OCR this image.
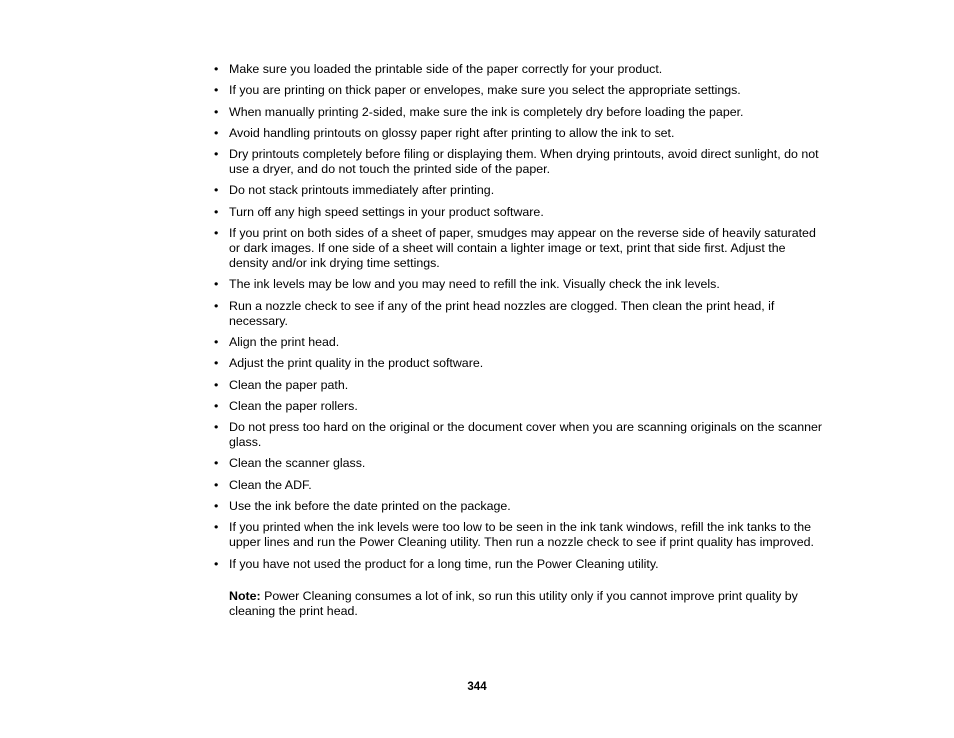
• Make sure you loaded the printable side of the paper correctly for your product.
• If you are printing on thick paper or envelopes, make sure you select the appropriate settings.
• When manually printing 2-sided, make sure the ink is completely dry before loading the paper.
• Avoid handling printouts on glossy paper right after printing to allow the ink to set.
• Dry printouts completely before filing or displaying them. When drying printouts, avoid direct sunlight, do not use a dryer, and do not touch the printed side of the paper.
• Do not stack printouts immediately after printing.
• Turn off any high speed settings in your product software.
• If you print on both sides of a sheet of paper, smudges may appear on the reverse side of heavily saturated or dark images. If one side of a sheet will contain a lighter image or text, print that side first. Adjust the density and/or ink drying time settings.
• The ink levels may be low and you may need to refill the ink. Visually check the ink levels.
• Run a nozzle check to see if any of the print head nozzles are clogged. Then clean the print head, if necessary.
• Align the print head.
• Adjust the print quality in the product software.
• Clean the paper path.
• Clean the paper rollers.
• Do not press too hard on the original or the document cover when you are scanning originals on the scanner glass.
• Clean the scanner glass.
• Clean the ADF.
• Use the ink before the date printed on the package.
• If you printed when the ink levels were too low to be seen in the ink tank windows, refill the ink tanks to the upper lines and run the Power Cleaning utility. Then run a nozzle check to see if print quality has improved.
• If you have not used the product for a long time, run the Power Cleaning utility.

Note: Power Cleaning consumes a lot of ink, so run this utility only if you cannot improve print quality by cleaning the print head.

344
